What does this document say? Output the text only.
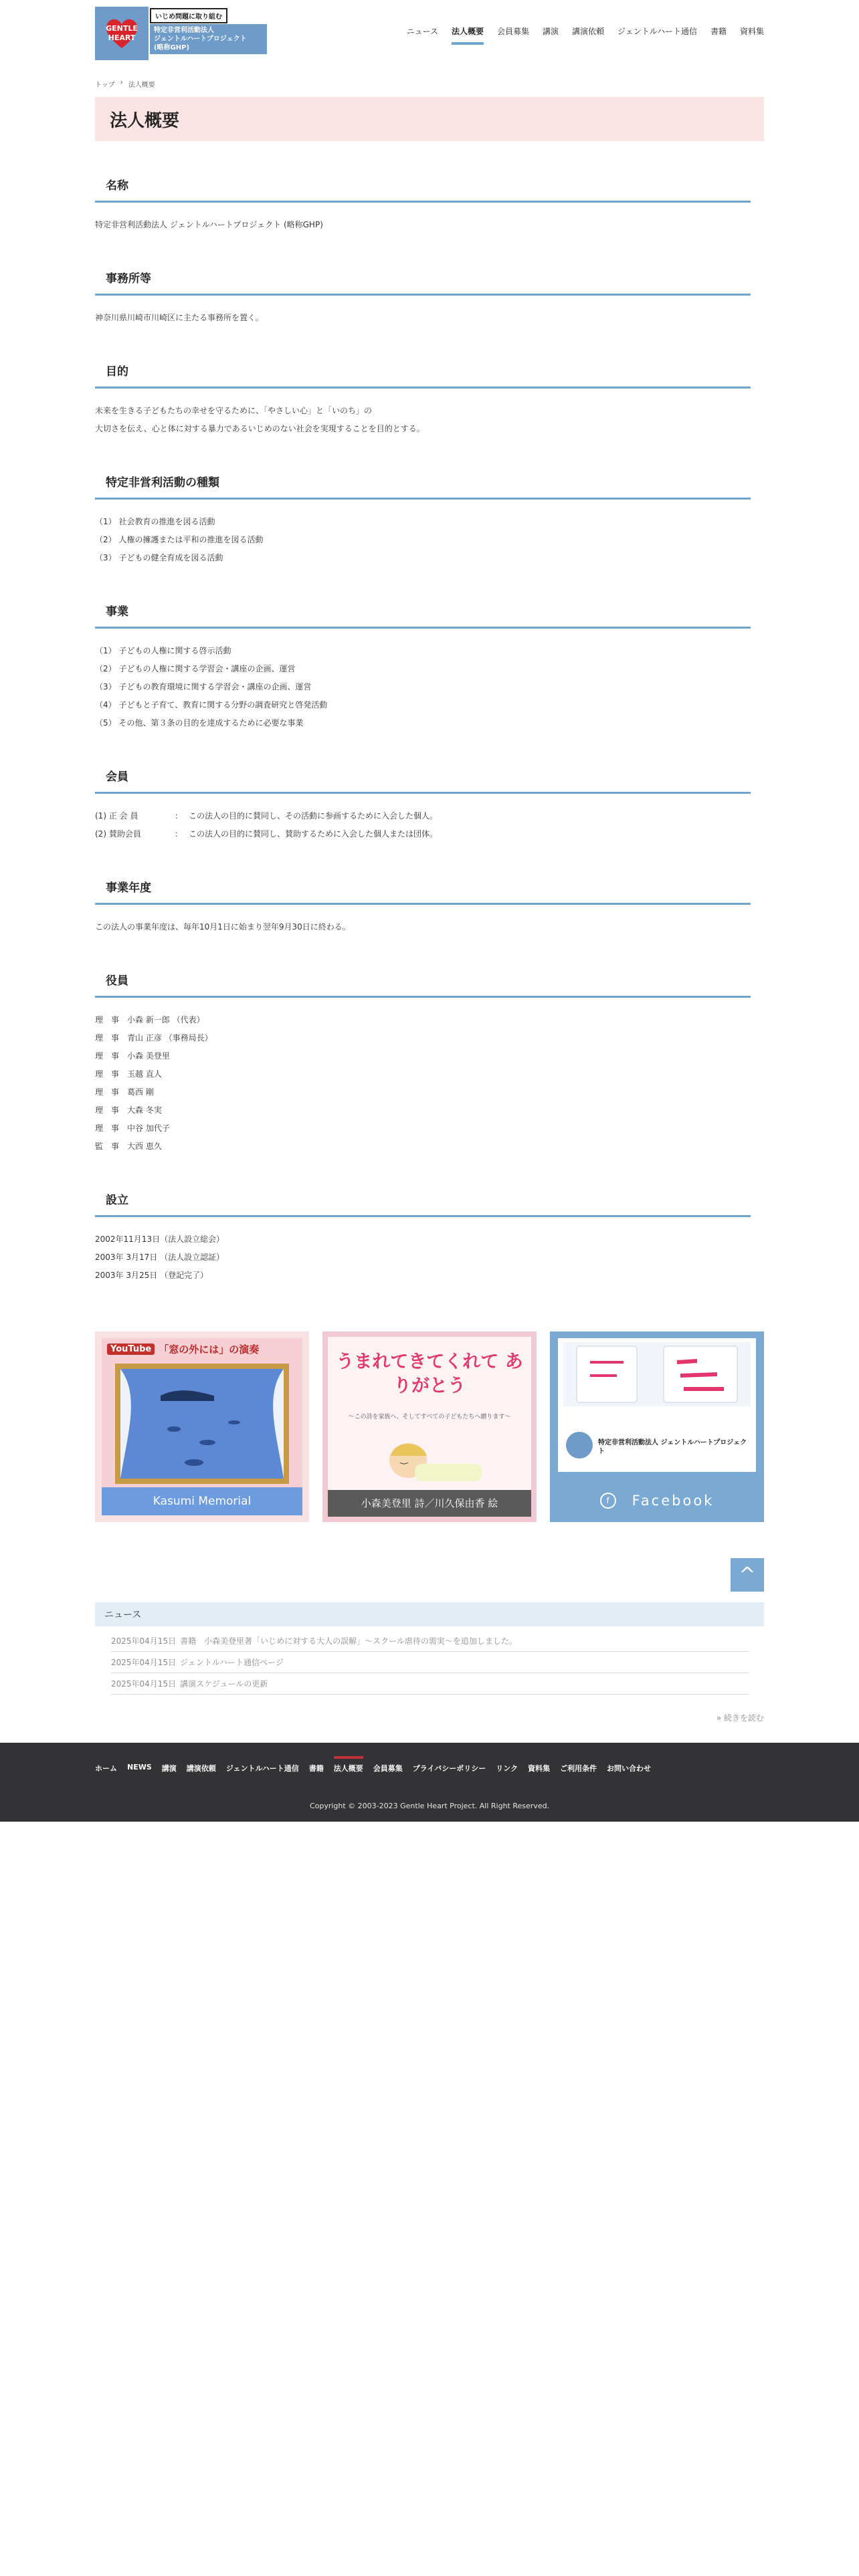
GENTLE HEART
いじめ問題に取り組む
特定非営利活動法人
ジェントルハートプロジェクト
(略称GHP)
ニュース 法人概要 会員募集 講演 講演依頼 ジェントルハート通信 書籍 資料集
トップ › 法人概要
法人概要
名称

特定非営利活動法人 ジェントルハートプロジェクト (略称GHP)

事務所等

神奈川県川崎市川崎区に主たる事務所を置く。

目的

未来を生きる子どもたちの幸せを守るために、「やさしい心」と「いのち」の

大切さを伝え、心と体に対する暴力であるいじめのない社会を実現することを目的とする。

特定非営利活動の種類

（1） 社会教育の推進を図る活動

（2） 人権の擁護または平和の推進を図る活動

（3） 子どもの健全育成を図る活動

事業

（1） 子どもの人権に関する啓示活動

（2） 子どもの人権に関する学習会・講座の企画、運営

（3） 子どもの教育環境に関する学習会・講座の企画、運営

（4） 子どもと子育て、教育に関する分野の調査研究と啓発活動

（5） その他、第３条の目的を達成するために必要な事業

会員
(1) 正 会 員	： この法人の目的に賛同し、その活動に参画するために入会した個人。
(2) 賛助会員	： この法人の目的に賛同し、賛助するために入会した個人または団体。
事業年度

この法人の事業年度は、毎年10月1日に始まり翌年9月30日に終わる。

役員

理　事　小森 新一郎 （代表）

理　事　青山 正彦 （事務局長）

理　事　小森 美登里

理　事　玉越 直人

理　事　葛西 剛

理　事　大森 冬実

理　事　中谷 加代子

監　事　大西 恵久

設立

2002年11月13日（法人設立総会）

2003年 3月17日 （法人設立認証）

2003年 3月25日 （登記完了）

YouTube 「窓の外には」の演奏
Kasumi Memorial
うまれてきてくれて ありがとう
〜この詩を家族へ、そしてすべての子どもたちへ贈ります〜
小森美登里 詩／川久保由香 絵
特定非営利活動法人 ジェントルハートプロジェクト
f	Facebook
^
ニュース
2025年04月15日 書籍　小森美登里著「いじめに対する大人の誤解」〜スクール虐待の需実〜を追加しました。
2025年04月15日 ジェントルハート通信ページ
2025年04月15日 講演スケジュールの更新
» 続きを読む
ホーム NEWS 講演 講演依頼 ジェントルハート通信 書籍 法人概要 会員募集 プライバシーポリシー リンク 資料集 ご利用条件 お問い合わせ
Copyright © 2003-2023 Gentle Heart Project. All Right Reserved.
